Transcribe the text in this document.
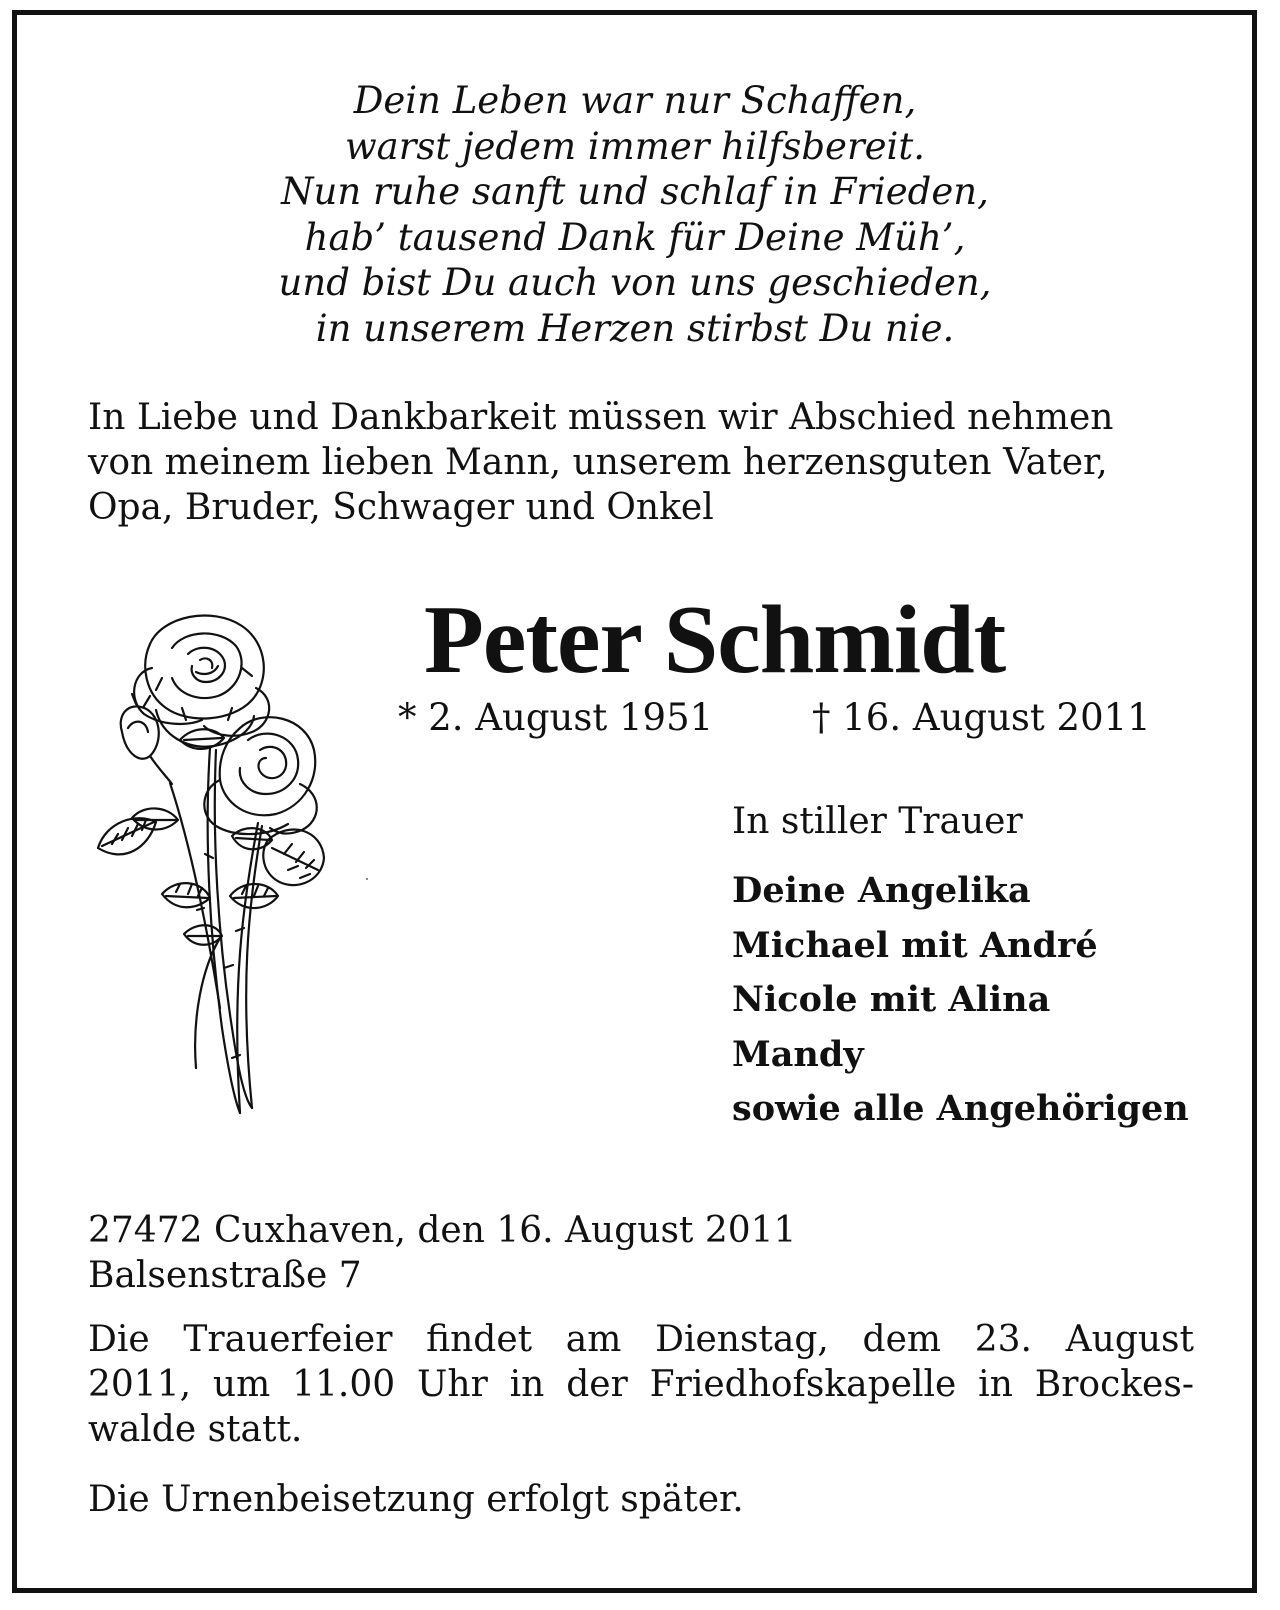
Dein Leben war nur Schaffen,
warst jedem immer hilfsbereit.
Nun ruhe sanft und schlaf in Frieden,
hab’ tausend Dank für Deine Müh’,
und bist Du auch von uns geschieden,
in unserem Herzen stirbst Du nie.
In Liebe und Dankbarkeit müssen wir Abschied nehmen
von meinem lieben Mann, unserem herzensguten Vater,
Opa, Bruder, Schwager und Onkel
Peter Schmidt
* 2. August 1951	† 16. August 2011
In stiller Trauer
Deine Angelika
Michael mit André
Nicole mit Alina
Mandy
sowie alle Angehörigen
27472 Cuxhaven, den 16. August 2011
Balsenstraße 7
Die Trauerfeier findet am Dienstag, dem 23. August
2011, um 11.00 Uhr in der Friedhofskapelle in Brockes-
walde statt.
Die Urnenbeisetzung erfolgt später.
